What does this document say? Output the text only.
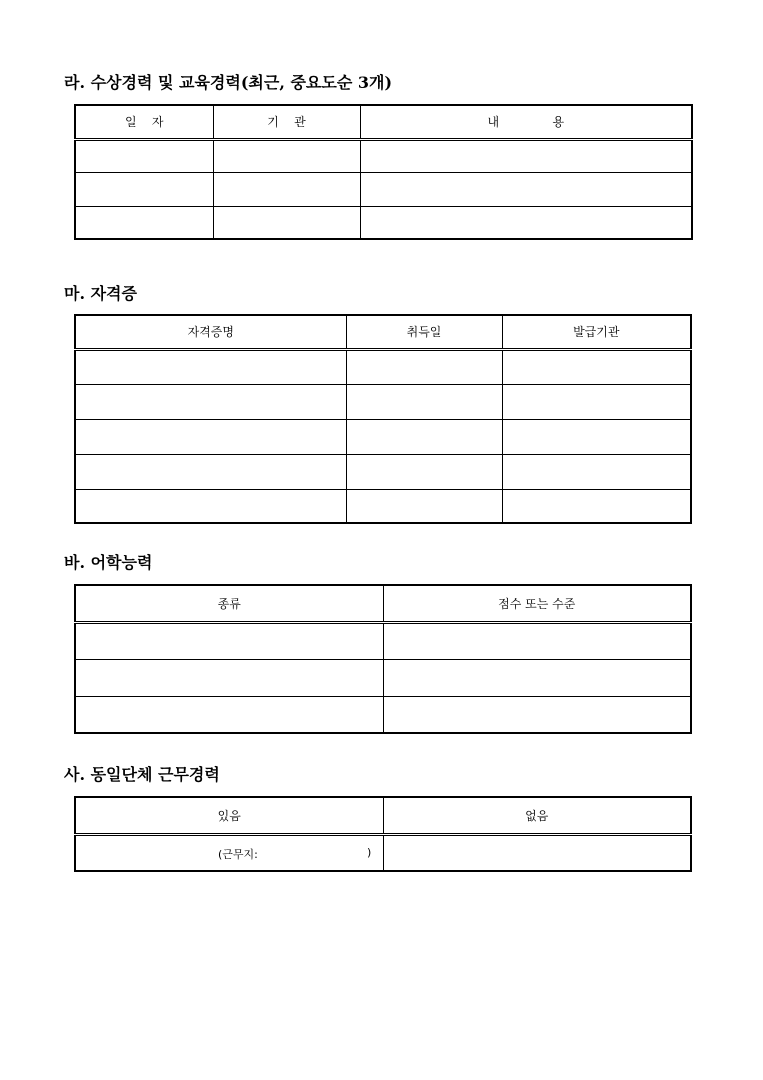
라. 수상경력 및 교육경력(최근, 중요도순 3개)
일    자	기    관	내              용

마. 자격증
자격증명	취득일	발급기관

바. 어학능력
종류	점수 또는 수준

사. 동일단체 근무경력
있음	없음

(근무지: )	
